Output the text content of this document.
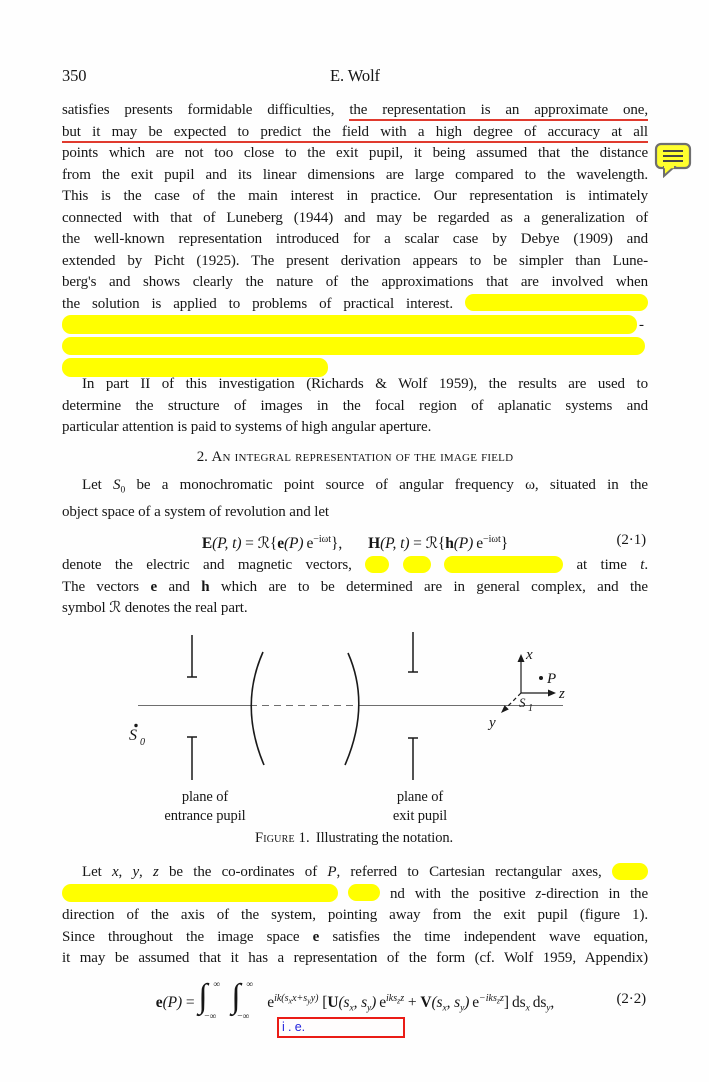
350	E. Wolf
satisfies presents formidable difficulties, the representation is an approximate one,
but it may be expected to predict the field with a high degree of accuracy at all
points which are not too close to the exit pupil, it being assumed that the distance
from the exit pupil and its linear dimensions are large compared to the wavelength.
This is the case of the main interest in practice. Our representation is intimately
connected with that of Luneberg (1944) and may be regarded as a generalization of
the well-known representation introduced for a scalar case by Debye (1909) and
extended by Picht (1925). The present derivation appears to be simpler than Lune-
berg's and shows clearly the nature of the approximations that are involved when
the solution is applied to problems of practical interest.
-
In part II of this investigation (Richards & Wolf 1959), the results are used to
determine the structure of images in the focal region of aplanatic systems and
particular attention is paid to systems of high angular aperture.
2. An integral representation of the image field
Let $S_0$ be a monochromatic point source of angular frequency ω, situated in the
object space of a system of revolution and let
E(P, t) = ℛ{e(P) $e^{-i\omega t}$}, H(P, t) = ℛ{h(P) $e^{-i\omega t}$}	(2·1)
denote the electric and magnetic vectors,	at time t.
The vectors e and h which are to be determined are in general complex, and the
symbol ℛ denotes the real part.
x
z
y
P
S 1
S 0
plane of
entrance pupil
plane of
exit pupil
Figure 1. Illustrating the notation.
Let x, y, z be the co-ordinates of P, referred to Cartesian rectangular axes,
nd with the positive z-direction in the
direction of the axis of the system, pointing away from the exit pupil (figure 1).
Since throughout the image space e satisfies the time independent wave equation,
it may be assumed that it has a representation of the form (cf. Wolf 1959, Appendix)
e(P) = ∫ ∞
−∞
∫ ∞
−∞
$e^{ik(s_xx+s_yy)}$ [$U(s_x$, $s_y$) $e^{iks_zz} + V(s_x$, $s_y$) $e^{-iks_zz}$] $ds_x$ $ds_y$,	(2·2)
i . e.
